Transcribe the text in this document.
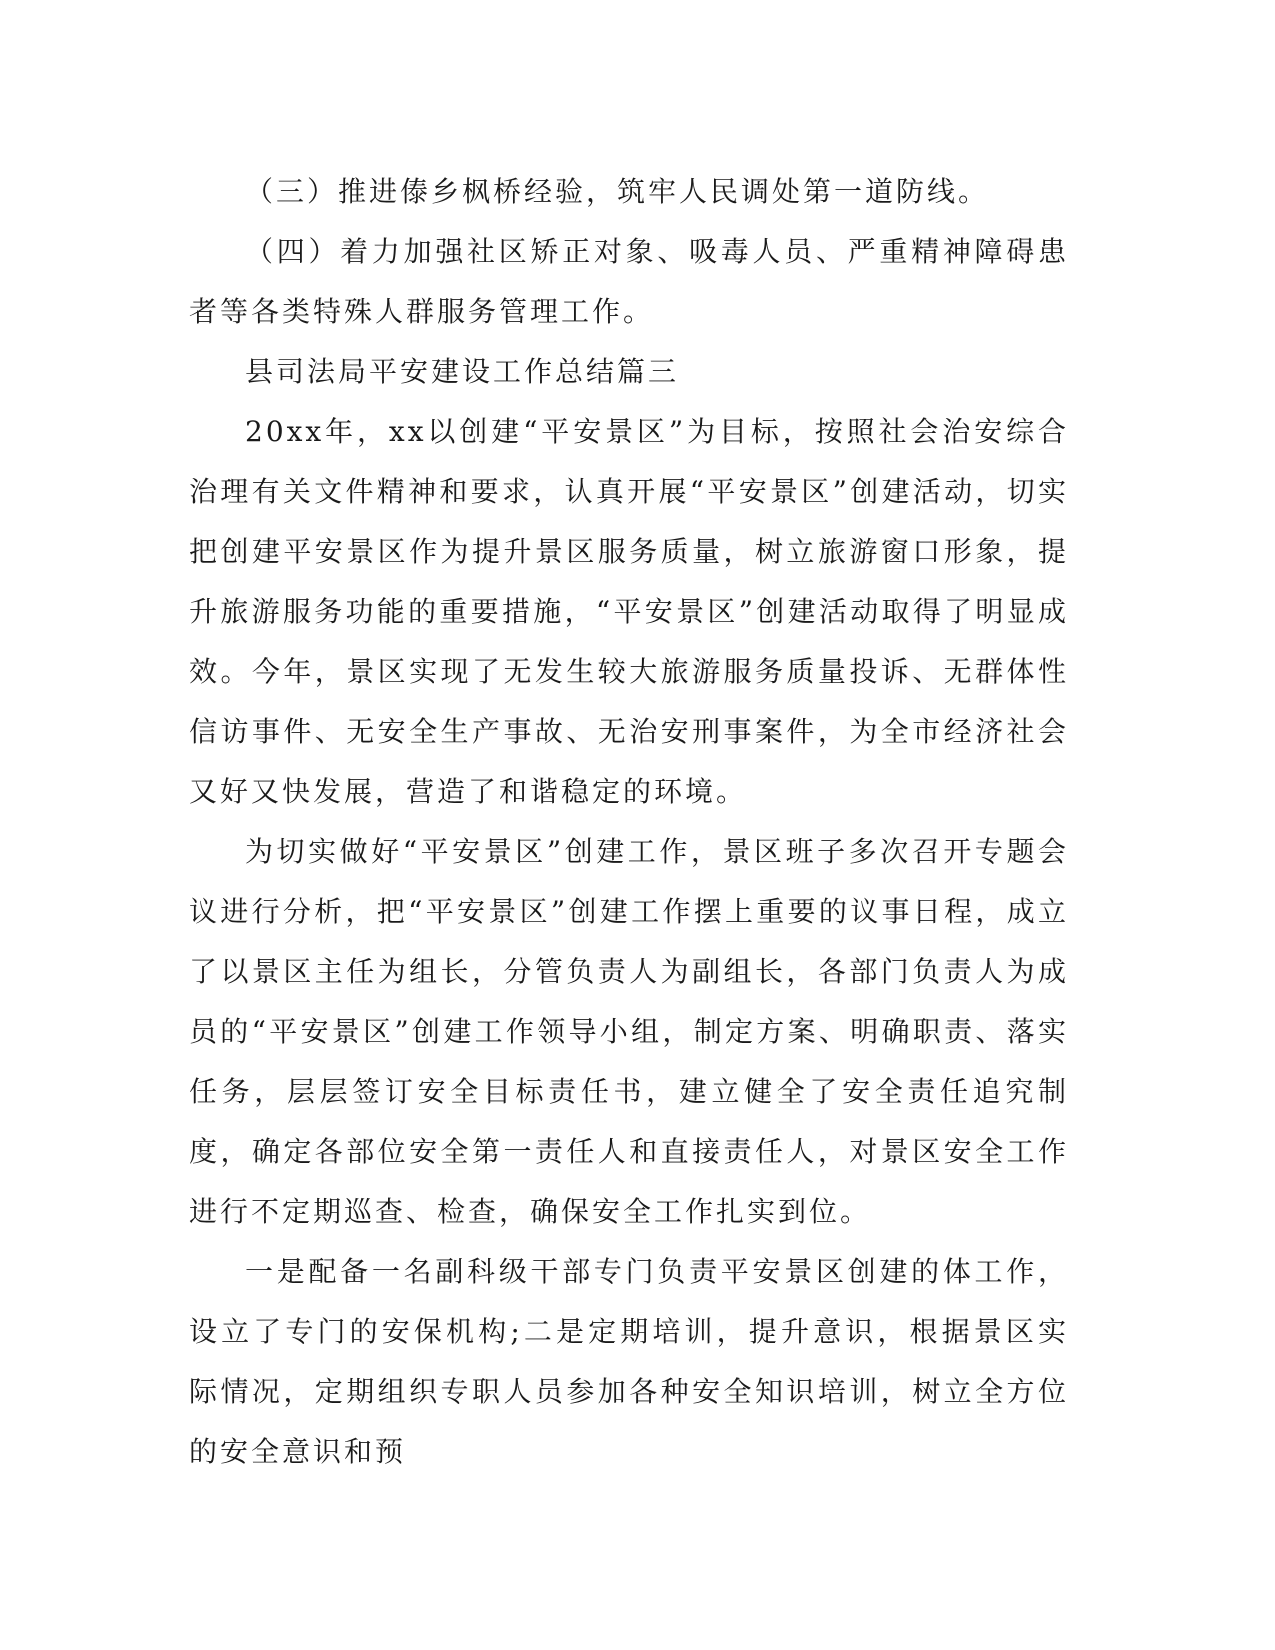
（三）推进傣乡枫桥经验，筑牢人民调处第一道防线。

（四）着力加强社区矫正对象、吸毒人员、严重精神障碍患者等各类特殊人群服务管理工作。

县司法局平安建设工作总结篇三

20xx年，xx以创建“平安景区”为目标，按照社会治安综合治理有关文件精神和要求，认真开展“平安景区”创建活动，切实把创建平安景区作为提升景区服务质量，树立旅游窗口形象，提升旅游服务功能的重要措施，“平安景区”创建活动取得了明显成效。今年，景区实现了无发生较大旅游服务质量投诉、无群体性信访事件、无安全生产事故、无治安刑事案件，为全市经济社会又好又快发展，营造了和谐稳定的环境。

为切实做好“平安景区”创建工作，景区班子多次召开专题会议进行分析，把“平安景区”创建工作摆上重要的议事日程，成立了以景区主任为组长，分管负责人为副组长，各部门负责人为成员的“平安景区”创建工作领导小组，制定方案、明确职责、落实任务，层层签订安全目标责任书，建立健全了安全责任追究制度，确定各部位安全第一责任人和直接责任人，对景区安全工作进行不定期巡查、检查，确保安全工作扎实到位。

一是配备一名副科级干部专门负责平安景区创建的体工作，设立了专门的安保机构;二是定期培训，提升意识，根据景区实际情况，定期组织专职人员参加各种安全知识培训，树立全方位的安全意识和预
